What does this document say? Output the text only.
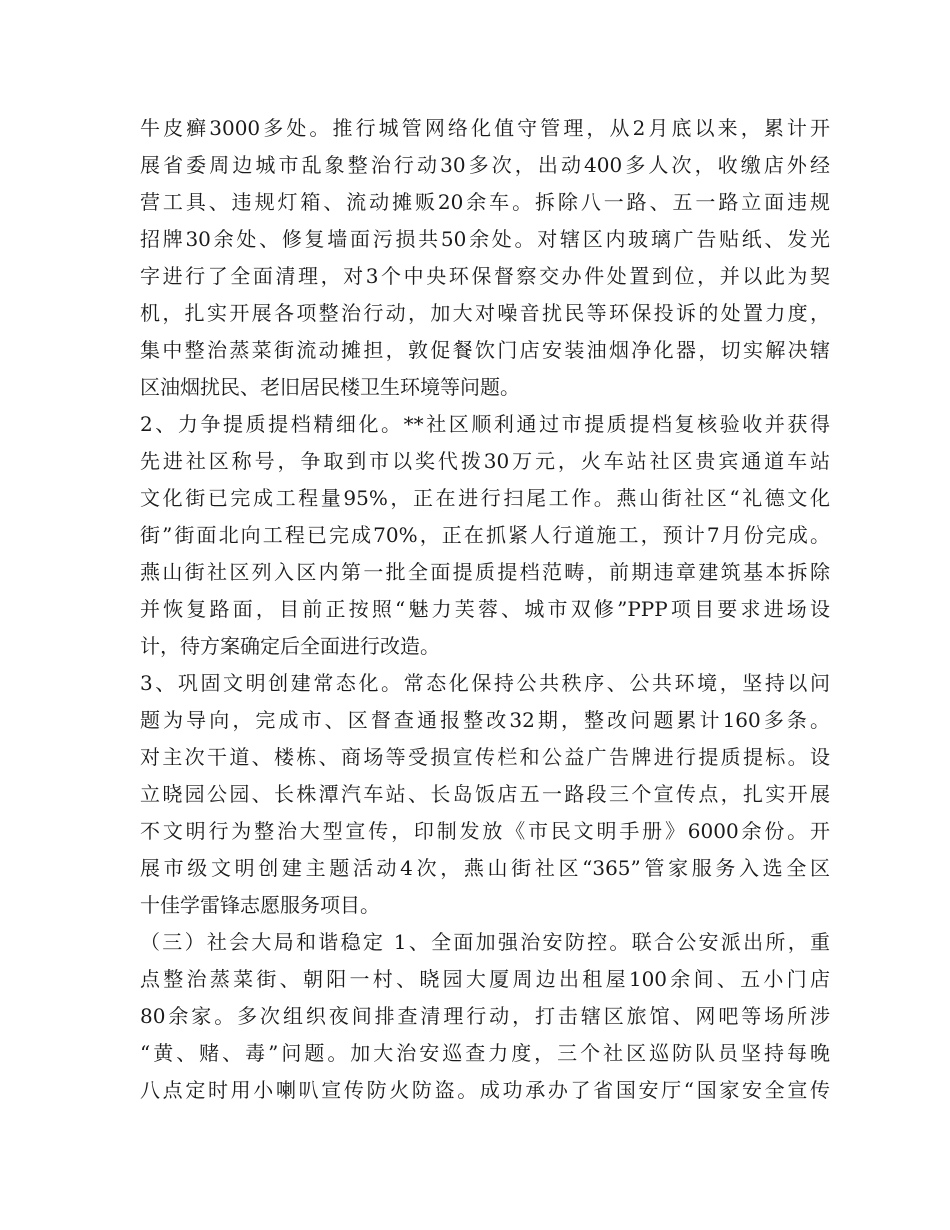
牛皮癣3000多处。推行城管网络化值守管理，从2月底以来，累计开
展省委周边城市乱象整治行动30多次，出动400多人次，收缴店外经
营工具、违规灯箱、流动摊贩20余车。拆除八一路、五一路立面违规
招牌30余处、修复墙面污损共50余处。对辖区内玻璃广告贴纸、发光
字进行了全面清理，对3个中央环保督察交办件处置到位，并以此为契
机，扎实开展各项整治行动，加大对噪音扰民等环保投诉的处置力度，
集中整治蒸菜街流动摊担，敦促餐饮门店安装油烟净化器，切实解决辖
区油烟扰民、老旧居民楼卫生环境等问题。
2、力争提质提档精细化。**社区顺利通过市提质提档复核验收并获得
先进社区称号，争取到市以奖代拨30万元，火车站社区贵宾通道车站
文化街已完成工程量95%，正在进行扫尾工作。燕山街社区“礼德文化
街”街面北向工程已完成70%，正在抓紧人行道施工，预计7月份完成。
燕山街社区列入区内第一批全面提质提档范畴，前期违章建筑基本拆除
并恢复路面，目前正按照“魅力芙蓉、城市双修”PPP项目要求进场设
计，待方案确定后全面进行改造。
3、巩固文明创建常态化。常态化保持公共秩序、公共环境，坚持以问
题为导向，完成市、区督查通报整改32期，整改问题累计160多条。
对主次干道、楼栋、商场等受损宣传栏和公益广告牌进行提质提标。设
立晓园公园、长株潭汽车站、长岛饭店五一路段三个宣传点，扎实开展
不文明行为整治大型宣传，印制发放《市民文明手册》6000余份。开
展市级文明创建主题活动4次，燕山街社区“365”管家服务入选全区
十佳学雷锋志愿服务项目。
（三）社会大局和谐稳定 1、全面加强治安防控。联合公安派出所，重
点整治蒸菜街、朝阳一村、晓园大厦周边出租屋100余间、五小门店
80余家。多次组织夜间排查清理行动，打击辖区旅馆、网吧等场所涉
“黄、赌、毒”问题。加大治安巡查力度，三个社区巡防队员坚持每晚
八点定时用小喇叭宣传防火防盗。成功承办了省国安厅“国家安全宣传
